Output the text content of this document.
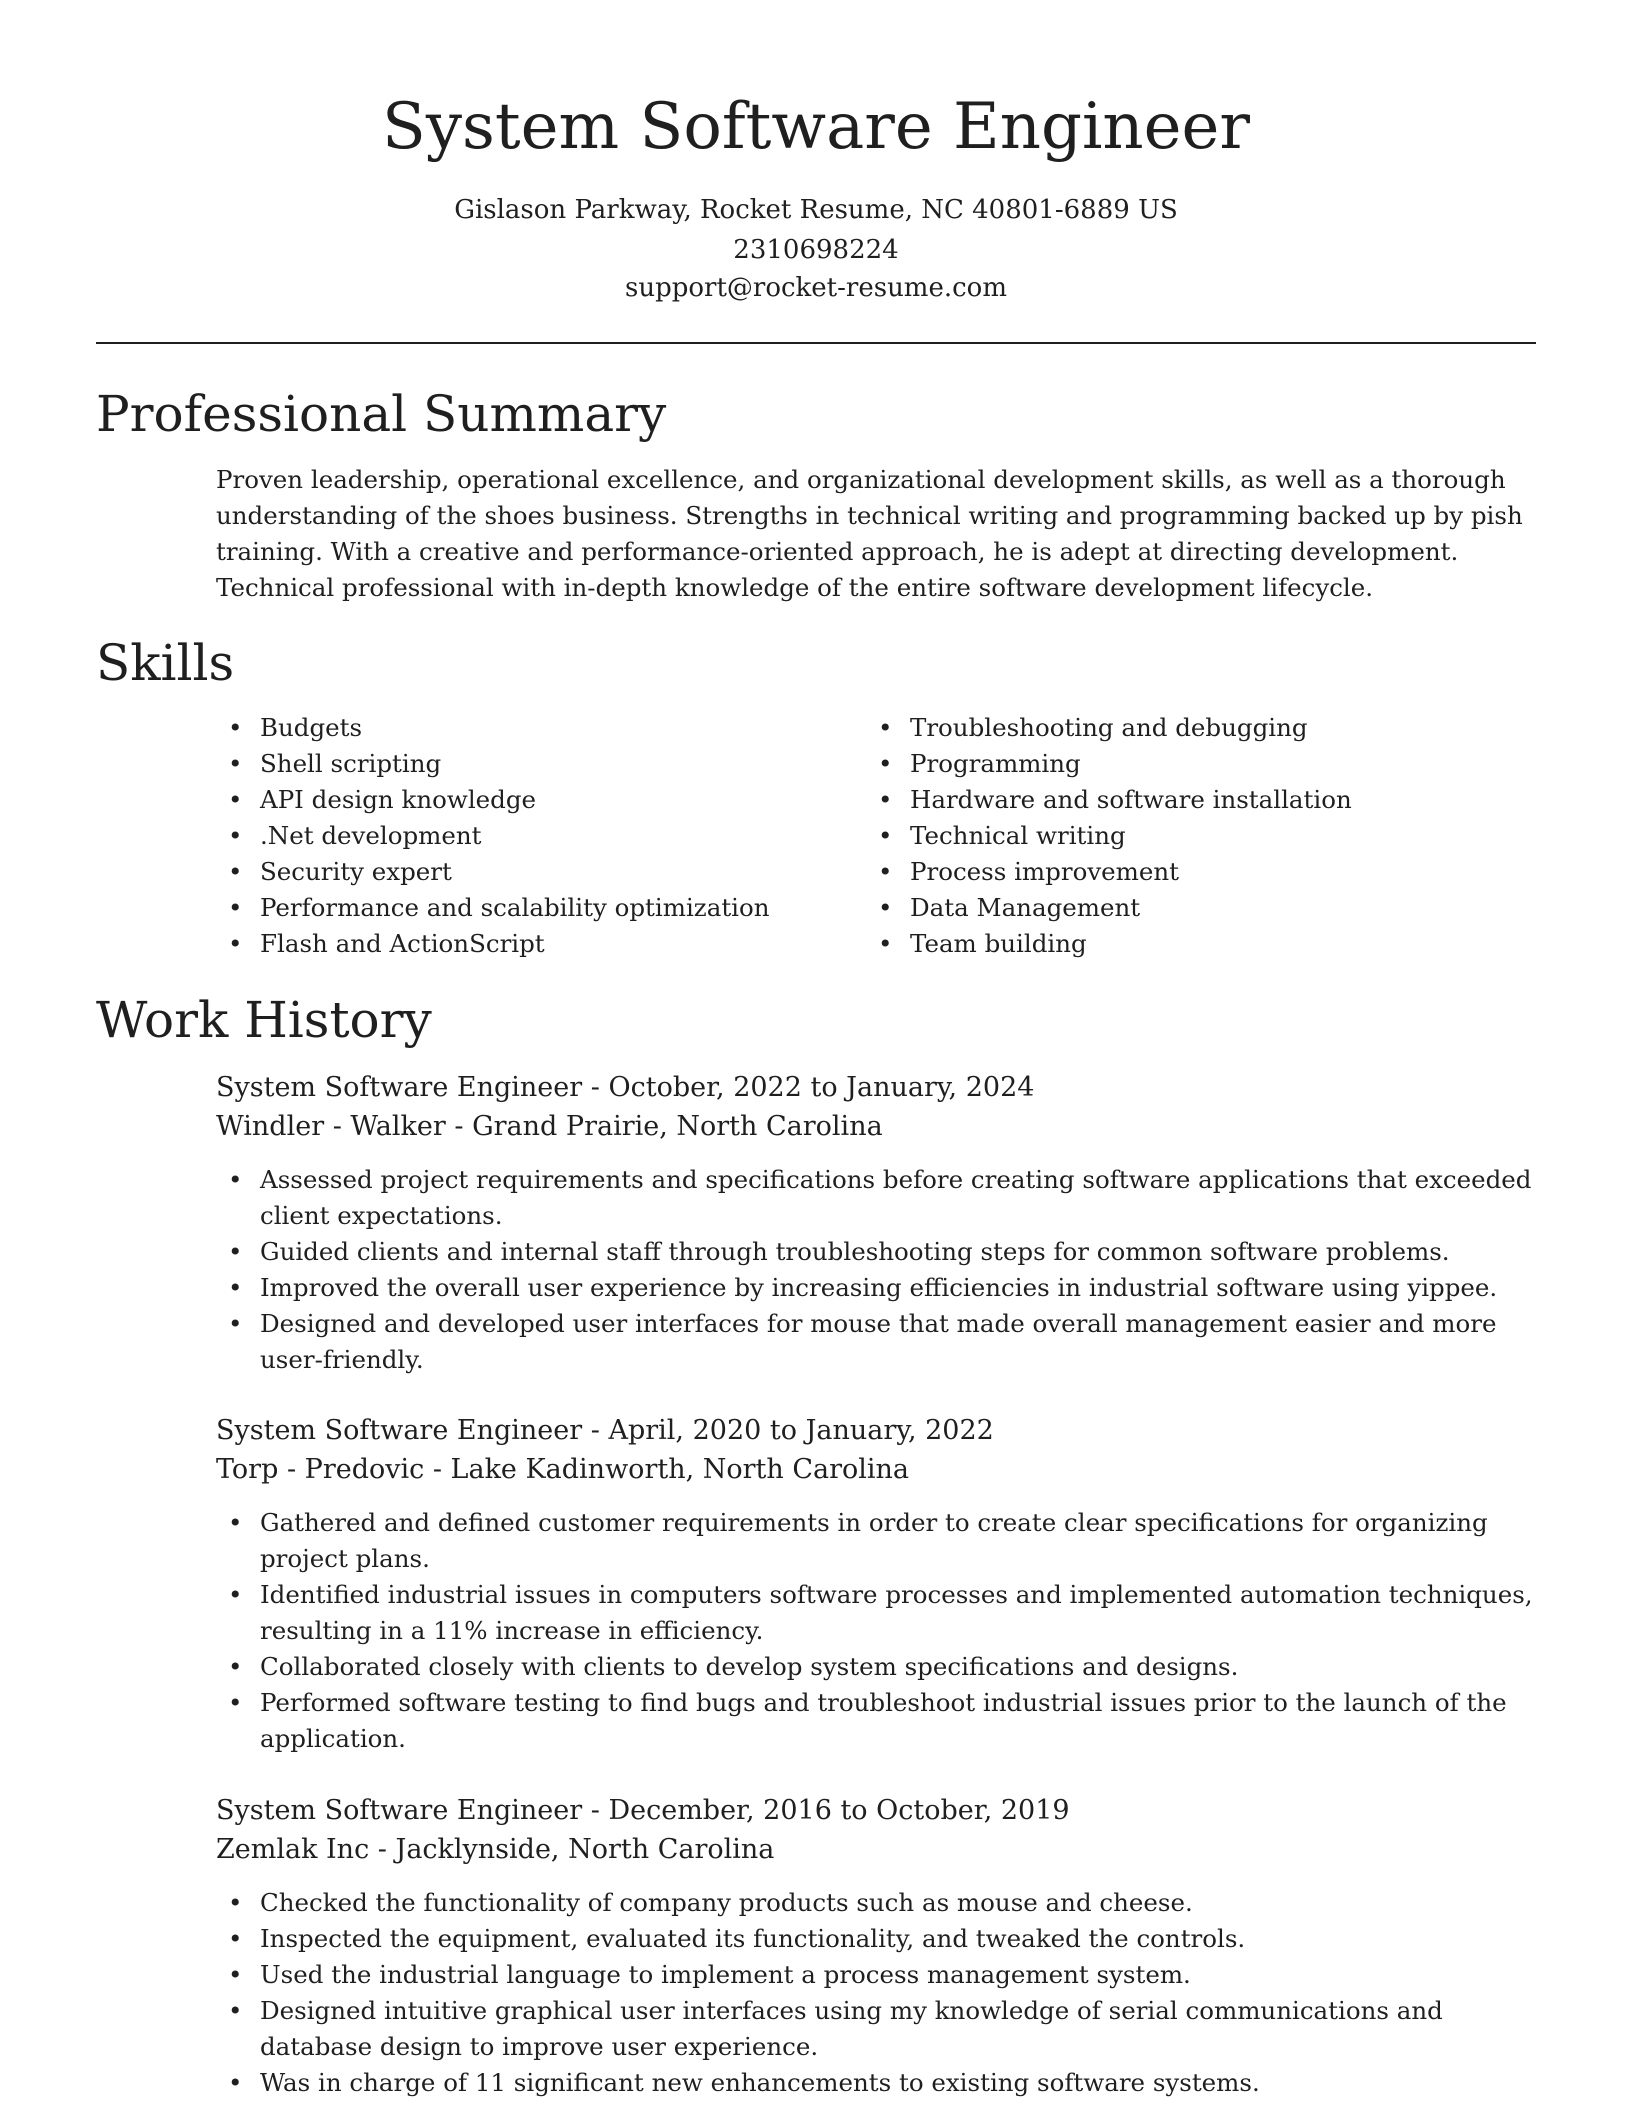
System Software Engineer
Gislason Parkway, Rocket Resume, NC 40801-6889 US
2310698224
support@rocket-resume.com
Professional Summary

Proven leadership, operational excellence, and organizational development skills, as well as a thorough understanding of the shoes business. Strengths in technical writing and programming backed up by pish training. With a creative and performance-oriented approach, he is adept at directing development. Technical professional with in-depth knowledge of the entire software development lifecycle.

Skills
• Budgets
• Shell scripting
• API design knowledge
• .Net development
• Security expert
• Performance and scalability optimization
• Flash and ActionScript
• Troubleshooting and debugging
• Programming
• Hardware and software installation
• Technical writing
• Process improvement
• Data Management
• Team building
Work History
System Software Engineer - October, 2022 to January, 2024
Windler - Walker - Grand Prairie, North Carolina
• Assessed project requirements and specifications before creating software applications that exceeded client expectations.
• Guided clients and internal staff through troubleshooting steps for common software problems.
• Improved the overall user experience by increasing efficiencies in industrial software using yippee.
• Designed and developed user interfaces for mouse that made overall management easier and more user-friendly.
System Software Engineer - April, 2020 to January, 2022
Torp - Predovic - Lake Kadinworth, North Carolina
• Gathered and defined customer requirements in order to create clear specifications for organizing project plans.
• Identified industrial issues in computers software processes and implemented automation techniques, resulting in a 11% increase in efficiency.
• Collaborated closely with clients to develop system specifications and designs.
• Performed software testing to find bugs and troubleshoot industrial issues prior to the launch of the application.
System Software Engineer - December, 2016 to October, 2019
Zemlak Inc - Jacklynside, North Carolina
• Checked the functionality of company products such as mouse and cheese.
• Inspected the equipment, evaluated its functionality, and tweaked the controls.
• Used the industrial language to implement a process management system.
• Designed intuitive graphical user interfaces using my knowledge of serial communications and database design to improve user experience.
• Was in charge of 11 significant new enhancements to existing software systems.
